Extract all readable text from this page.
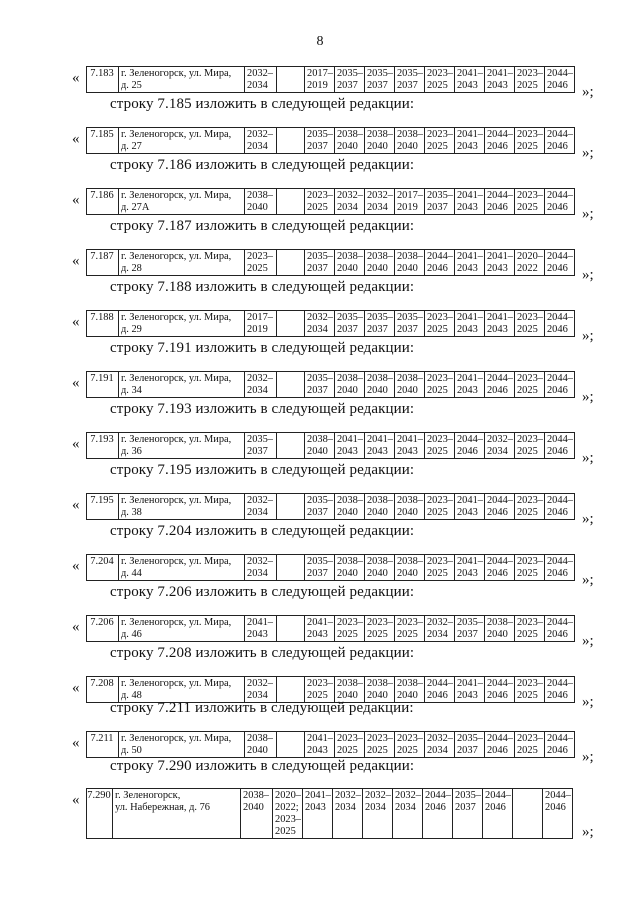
8
« 7.183	г. Зеленогорск, ул. Мира,
д. 25	2032–
2034	
	2017–
2019	2035–
2037	2035–
2037	2035–
2037	2023–
2025	2041–
2043	2041–
2043	2023–
2025	2044–
2046 »;
строку 7.185 изложить в следующей редакции:
« 7.185	г. Зеленогорск, ул. Мира,
д. 27	2032–
2034	
	2035–
2037	2038–
2040	2038–
2040	2038–
2040	2023–
2025	2041–
2043	2044–
2046	2023–
2025	2044–
2046 »;
строку 7.186 изложить в следующей редакции:
« 7.186	г. Зеленогорск, ул. Мира,
д. 27А	2038–
2040	
	2023–
2025	2032–
2034	2032–
2034	2017–
2019	2035–
2037	2041–
2043	2044–
2046	2023–
2025	2044–
2046 »;
строку 7.187 изложить в следующей редакции:
« 7.187	г. Зеленогорск, ул. Мира,
д. 28	2023–
2025	
	2035–
2037	2038–
2040	2038–
2040	2038–
2040	2044–
2046	2041–
2043	2041–
2043	2020–
2022	2044–
2046 »;
строку 7.188 изложить в следующей редакции:
« 7.188	г. Зеленогорск, ул. Мира,
д. 29	2017–
2019	
	2032–
2034	2035–
2037	2035–
2037	2035–
2037	2023–
2025	2041–
2043	2041–
2043	2023–
2025	2044–
2046 »;
строку 7.191 изложить в следующей редакции:
« 7.191	г. Зеленогорск, ул. Мира,
д. 34	2032–
2034	
	2035–
2037	2038–
2040	2038–
2040	2038–
2040	2023–
2025	2041–
2043	2044–
2046	2023–
2025	2044–
2046 »;
строку 7.193 изложить в следующей редакции:
« 7.193	г. Зеленогорск, ул. Мира,
д. 36	2035–
2037	
	2038–
2040	2041–
2043	2041–
2043	2041–
2043	2023–
2025	2044–
2046	2032–
2034	2023–
2025	2044–
2046 »;
строку 7.195 изложить в следующей редакции:
« 7.195	г. Зеленогорск, ул. Мира,
д. 38	2032–
2034	
	2035–
2037	2038–
2040	2038–
2040	2038–
2040	2023–
2025	2041–
2043	2044–
2046	2023–
2025	2044–
2046 »;
строку 7.204 изложить в следующей редакции:
« 7.204	г. Зеленогорск, ул. Мира,
д. 44	2032–
2034	
	2035–
2037	2038–
2040	2038–
2040	2038–
2040	2023–
2025	2041–
2043	2044–
2046	2023–
2025	2044–
2046 »;
строку 7.206 изложить в следующей редакции:
« 7.206	г. Зеленогорск, ул. Мира,
д. 46	2041–
2043	
	2041–
2043	2023–
2025	2023–
2025	2023–
2025	2032–
2034	2035–
2037	2038–
2040	2023–
2025	2044–
2046 »;
строку 7.208 изложить в следующей редакции:
« 7.208	г. Зеленогорск, ул. Мира,
д. 48	2032–
2034	
	2023–
2025	2038–
2040	2038–
2040	2038–
2040	2044–
2046	2041–
2043	2044–
2046	2023–
2025	2044–
2046 »;
строку 7.211 изложить в следующей редакции:
« 7.211	г. Зеленогорск, ул. Мира,
д. 50	2038–
2040	
	2041–
2043	2023–
2025	2023–
2025	2023–
2025	2032–
2034	2035–
2037	2044–
2046	2023–
2025	2044–
2046 »;
строку 7.290 изложить в следующей редакции:
« 7.290	г. Зеленогорск,
ул. Набережная, д. 76	2038–
2040	2020–
2022;
2023–
2025	2041–
2043	2032–
2034	2032–
2034	2032–
2034	2044–
2046	2035–
2037	2044–
2046	
	2044–
2046
»;
